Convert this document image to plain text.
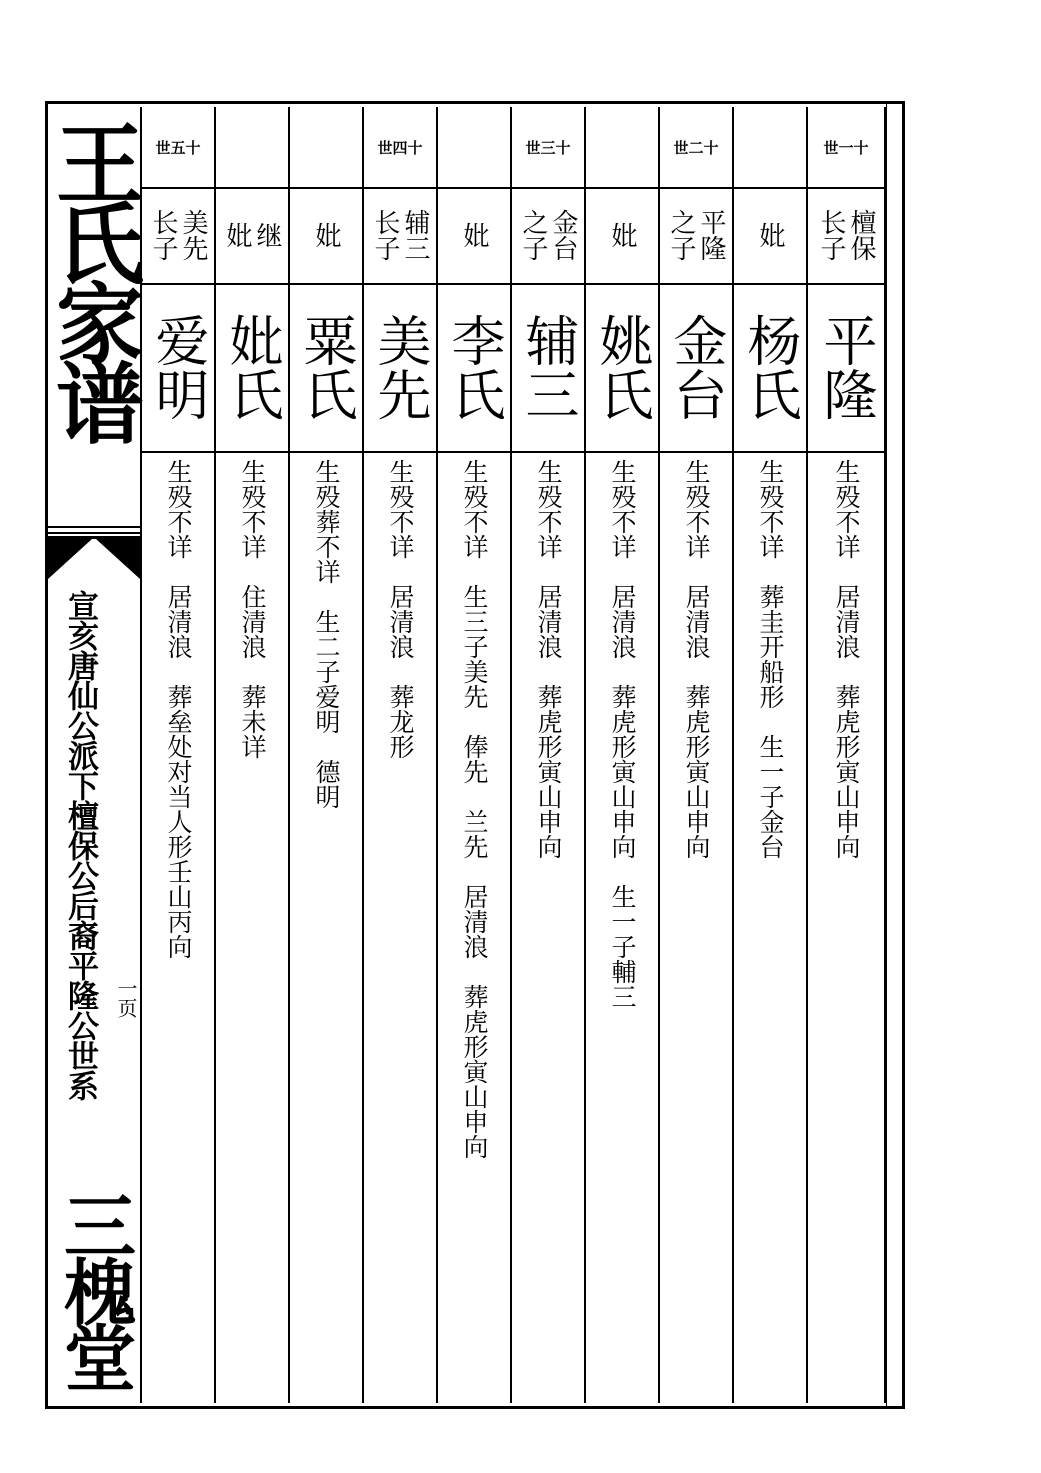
王氏家谱
宣亥唐仙公派下檀保公后裔平隆公世系 一页
三槐堂
世五十
美先
长子
爱明
生殁不详　居清浪　葬垒处对当人形壬山丙向
继
妣
妣氏
生殁不详　住清浪　葬未详
妣
粟氏
生殁葬不详　生二子爱明　德明
世四十
辅三
长子
美先
生殁不详　居清浪　葬龙形
妣
李氏
生殁不详　生三子美先　俸先　兰先　居清浪　葬虎形寅山申向
世三十
金台
之子
辅三
生殁不详　居清浪　葬虎形寅山申向
妣
姚氏
生殁不详　居清浪　葬虎形寅山申向　生一子輔三
世二十
平隆
之子
金台
生殁不详　居清浪　葬虎形寅山申向
妣
杨氏
生殁不详　葬圭开船形　生一子金台
世一十
檀保
长子
平隆
生殁不详　居清浪　葬虎形寅山申向
